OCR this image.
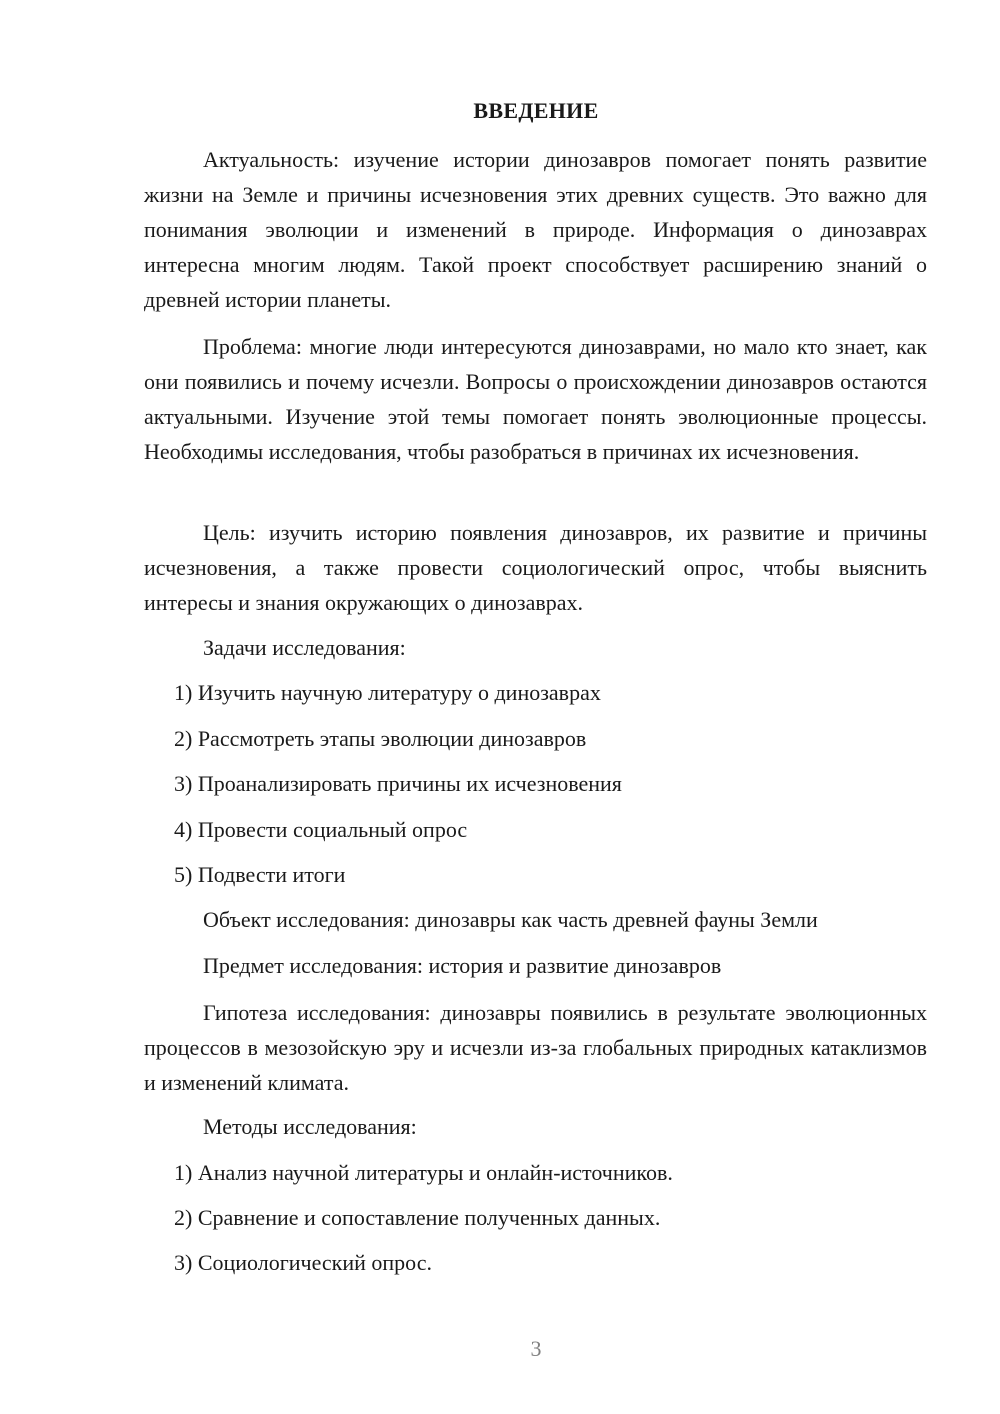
ВВЕДЕНИЕ

Актуальность: изучение истории динозавров помогает понять развитие жизни на Земле и причины исчезновения этих древних существ. Это важно для понимания эволюции и изменений в природе. Информация о динозаврах интересна многим людям. Такой проект способствует расширению знаний о древней истории планеты.

Проблема: многие люди интересуются динозаврами, но мало кто знает, как они появились и почему исчезли. Вопросы о происхождении динозавров остаются актуальными. Изучение этой темы помогает понять эволюционные процессы. Необходимы исследования, чтобы разобраться в причинах их исчезновения.

Цель: изучить историю появления динозавров, их развитие и причины исчезновения, а также провести социологический опрос, чтобы выяснить интересы и знания окружающих о динозаврах.

Задачи исследования:

1) Изучить научную литературу о динозаврах

2) Рассмотреть этапы эволюции динозавров

3) Проанализировать причины их исчезновения

4) Провести социальный опрос

5) Подвести итоги

Объект исследования: динозавры как часть древней фауны Земли

Предмет исследования: история и развитие динозавров

Гипотеза исследования: динозавры появились в результате эволюционных процессов в мезозойскую эру и исчезли из-за глобальных природных катаклизмов и изменений климата.

Методы исследования:

1) Анализ научной литературы и онлайн-источников.

2) Сравнение и сопоставление полученных данных.

3) Социологический опрос.

3
